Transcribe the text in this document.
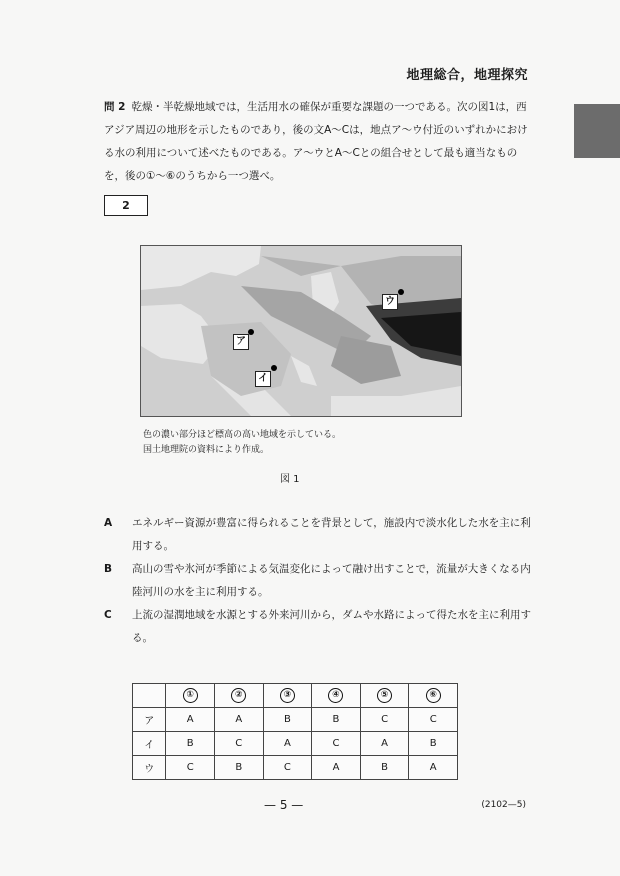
地理総合，地理探究
問 2 乾燥・半乾燥地域では，生活用水の確保が重要な課題の一つである。次の図1は，西アジア周辺の地形を示したものであり，後の文A～Cは，地点ア～ウ付近のいずれかにおける水の利用について述べたものである。ア～ウとA～Cとの組合せとして最も適当なものを，後の①～⑥のうちから一つ選べ。
2
ア
イ
ウ
色の濃い部分ほど標高の高い地域を示している。
国土地理院の資料により作成。
図 1
A エネルギー資源が豊富に得られることを背景として，施設内で淡水化した水を主に利用する。
B 高山の雪や氷河が季節による気温変化によって融け出すことで，流量が大きくなる内陸河川の水を主に利用する。
C 上流の湿潤地域を水源とする外来河川から，ダムや水路によって得た水を主に利用する。
	①	②	③	④	⑤	⑥
ア	A	A	B	B	C	C
イ	B	C	A	C	A	B
ウ	C	B	C	A	B	A
— 5 —	(2102—5)
